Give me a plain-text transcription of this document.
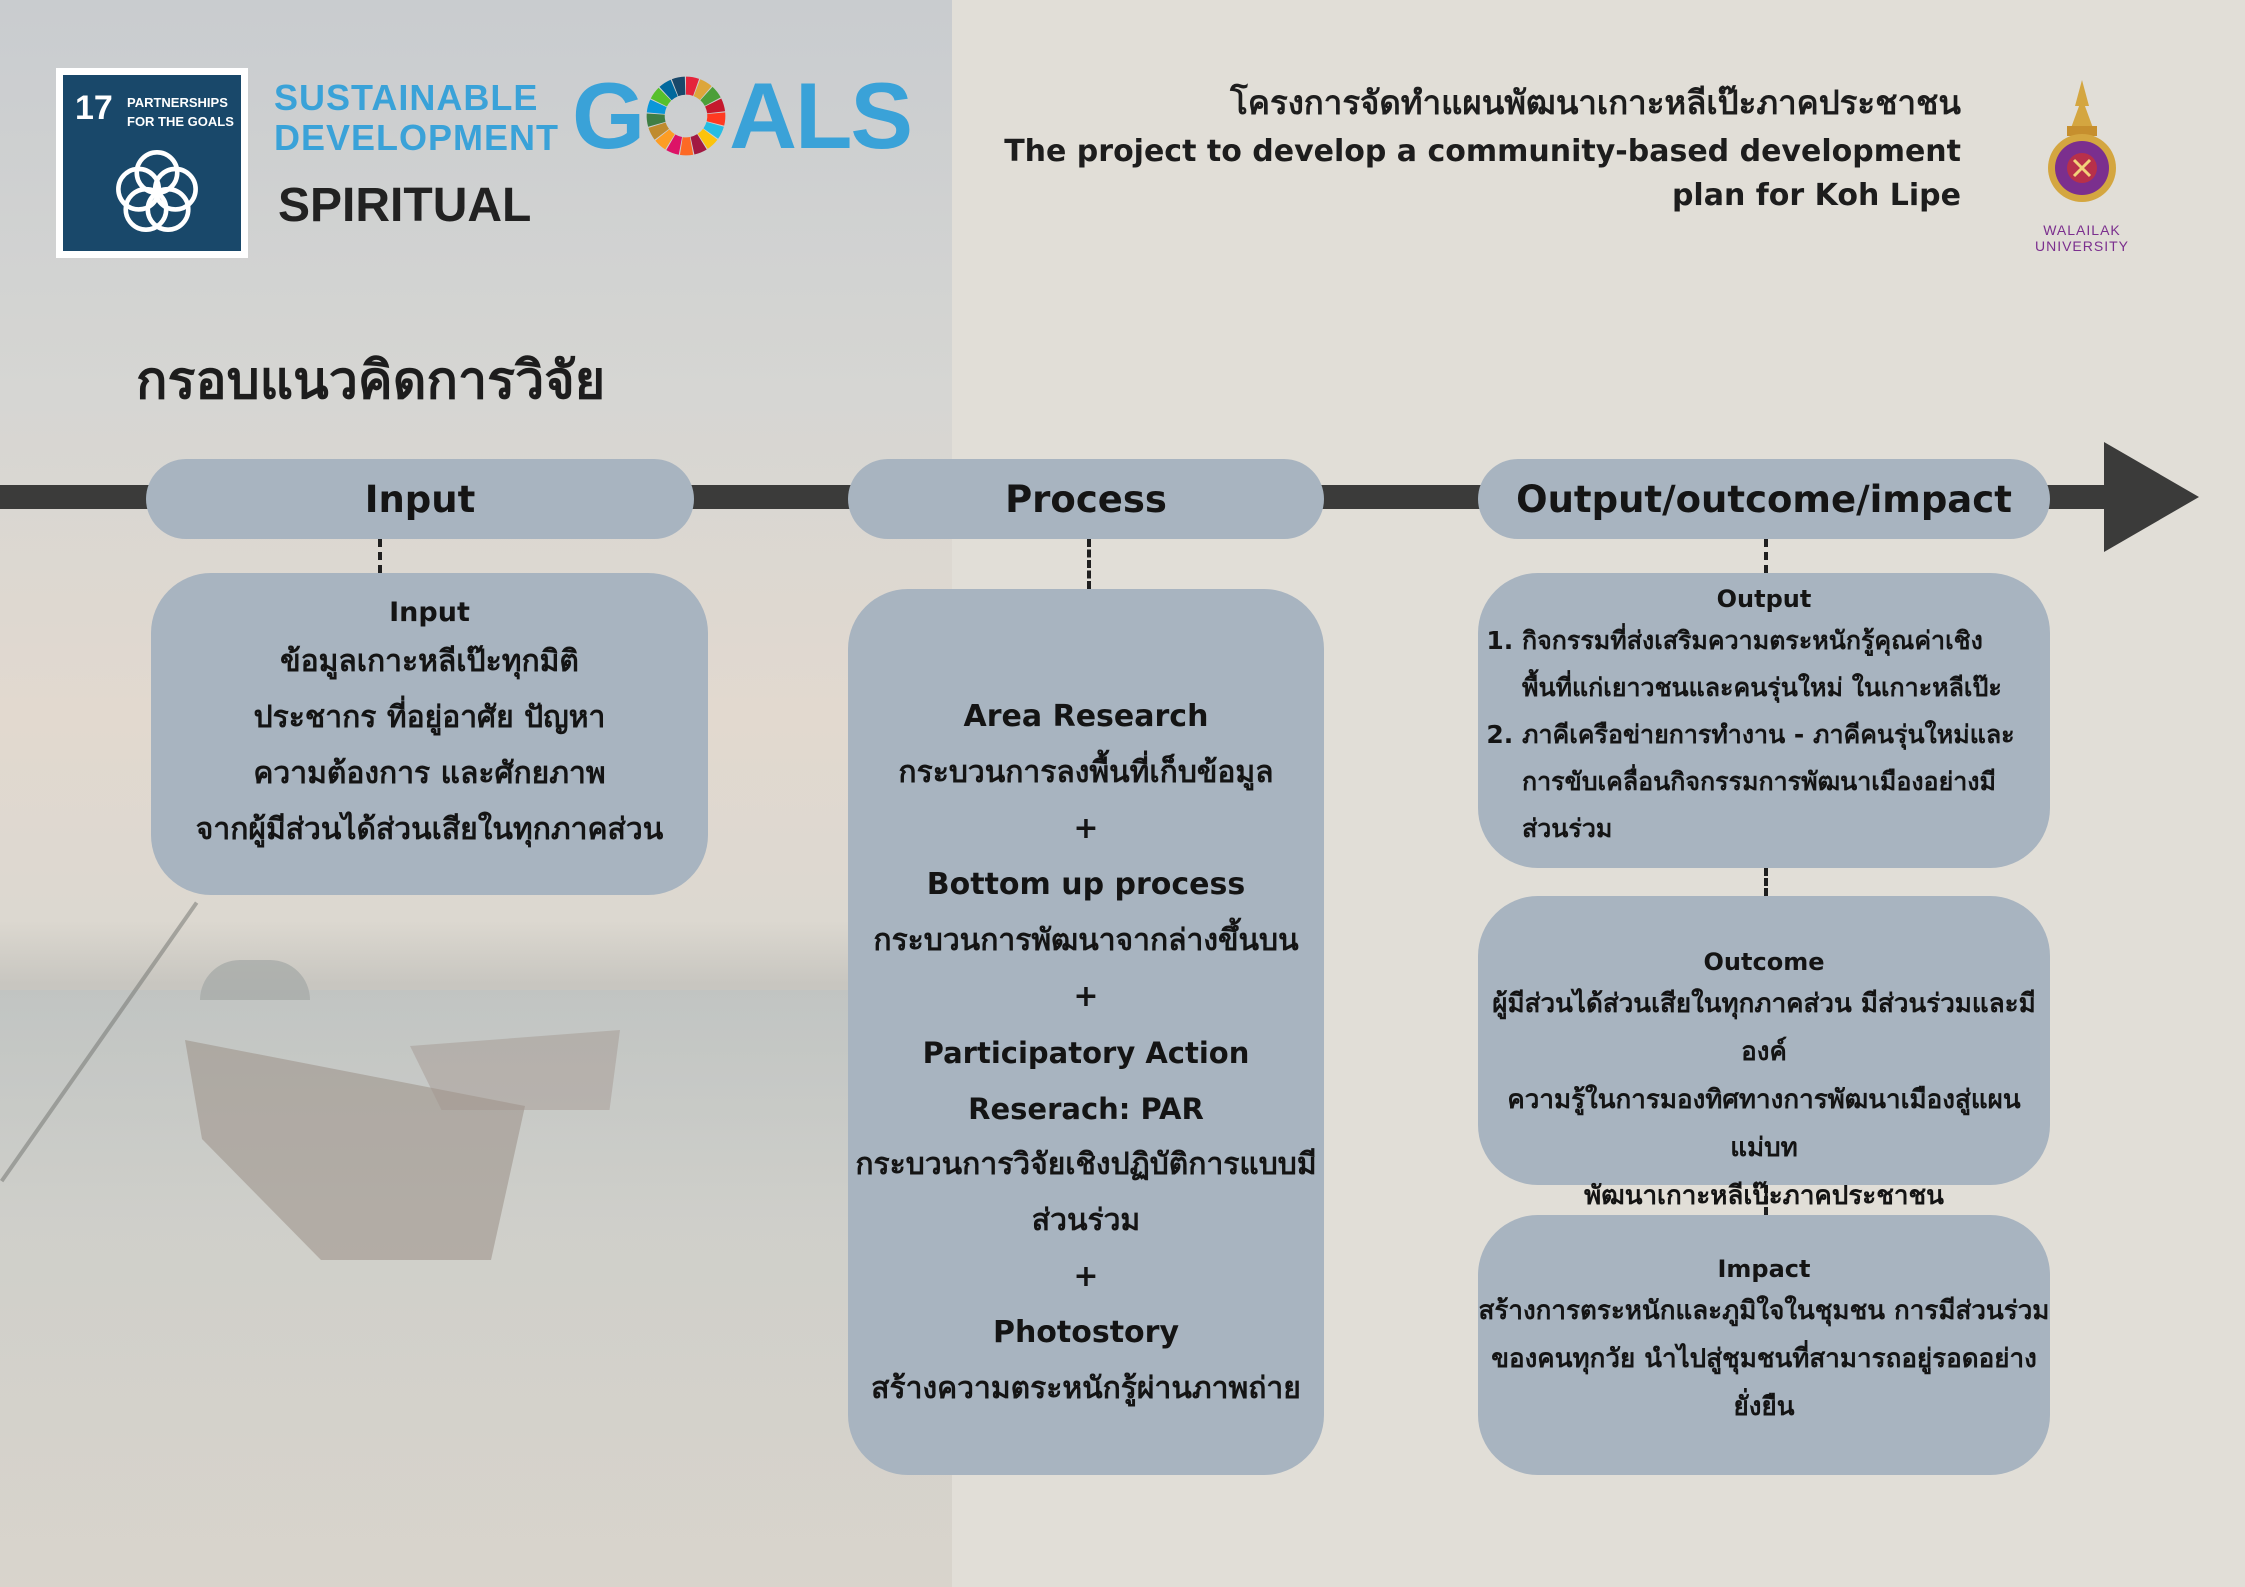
17 PARTNERSHIPS
FOR THE GOALS
SUSTAINABLE
DEVELOPMENT G ALS
SPIRITUAL
โครงการจัดทำแผนพัฒนาเกาะหลีเป๊ะภาคประชาชน
The project to develop a community-based development
plan for Koh Lipe
WALAILAK UNIVERSITY
กรอบแนวคิดการวิจัย
Input	Process	Output/outcome/impact
Input
ข้อมูลเกาะหลีเป๊ะทุกมิติ
ประชากร ที่อยู่อาศัย ปัญหา
ความต้องการ และศักยภาพ
จากผู้มีส่วนได้ส่วนเสียในทุกภาคส่วน
Area Research
กระบวนการลงพื้นที่เก็บข้อมูล
+
Bottom up process
กระบวนการพัฒนาจากล่างขึ้นบน
+
Participatory Action Reserach: PAR
กระบวนการวิจัยเชิงปฏิบัติการแบบมี
ส่วนร่วม
+
Photostory
สร้างความตระหนักรู้ผ่านภาพถ่าย
Output
1. กิจกรรมที่ส่งเสริมความตระหนักรู้คุณค่าเชิง
พื้นที่แก่เยาวชนและคนรุ่นใหม่ ในเกาะหลีเป๊ะ
2. ภาคีเครือข่ายการทำงาน - ภาคีคนรุ่นใหม่และ
การขับเคลื่อนกิจกรรมการพัฒนาเมืองอย่างมี
ส่วนร่วม
Outcome
ผู้มีส่วนได้ส่วนเสียในทุกภาคส่วน มีส่วนร่วมและมีองค์
ความรู้ในการมองทิศทางการพัฒนาเมืองสู่แผนแม่บท
พัฒนาเกาะหลีเป๊ะภาคประชาชน
Impact
สร้างการตระหนักและภูมิใจในชุมชน การมีส่วนร่วม
ของคนทุกวัย นำไปสู่ชุมชนที่สามารถอยู่รอดอย่าง
ยั่งยืน
